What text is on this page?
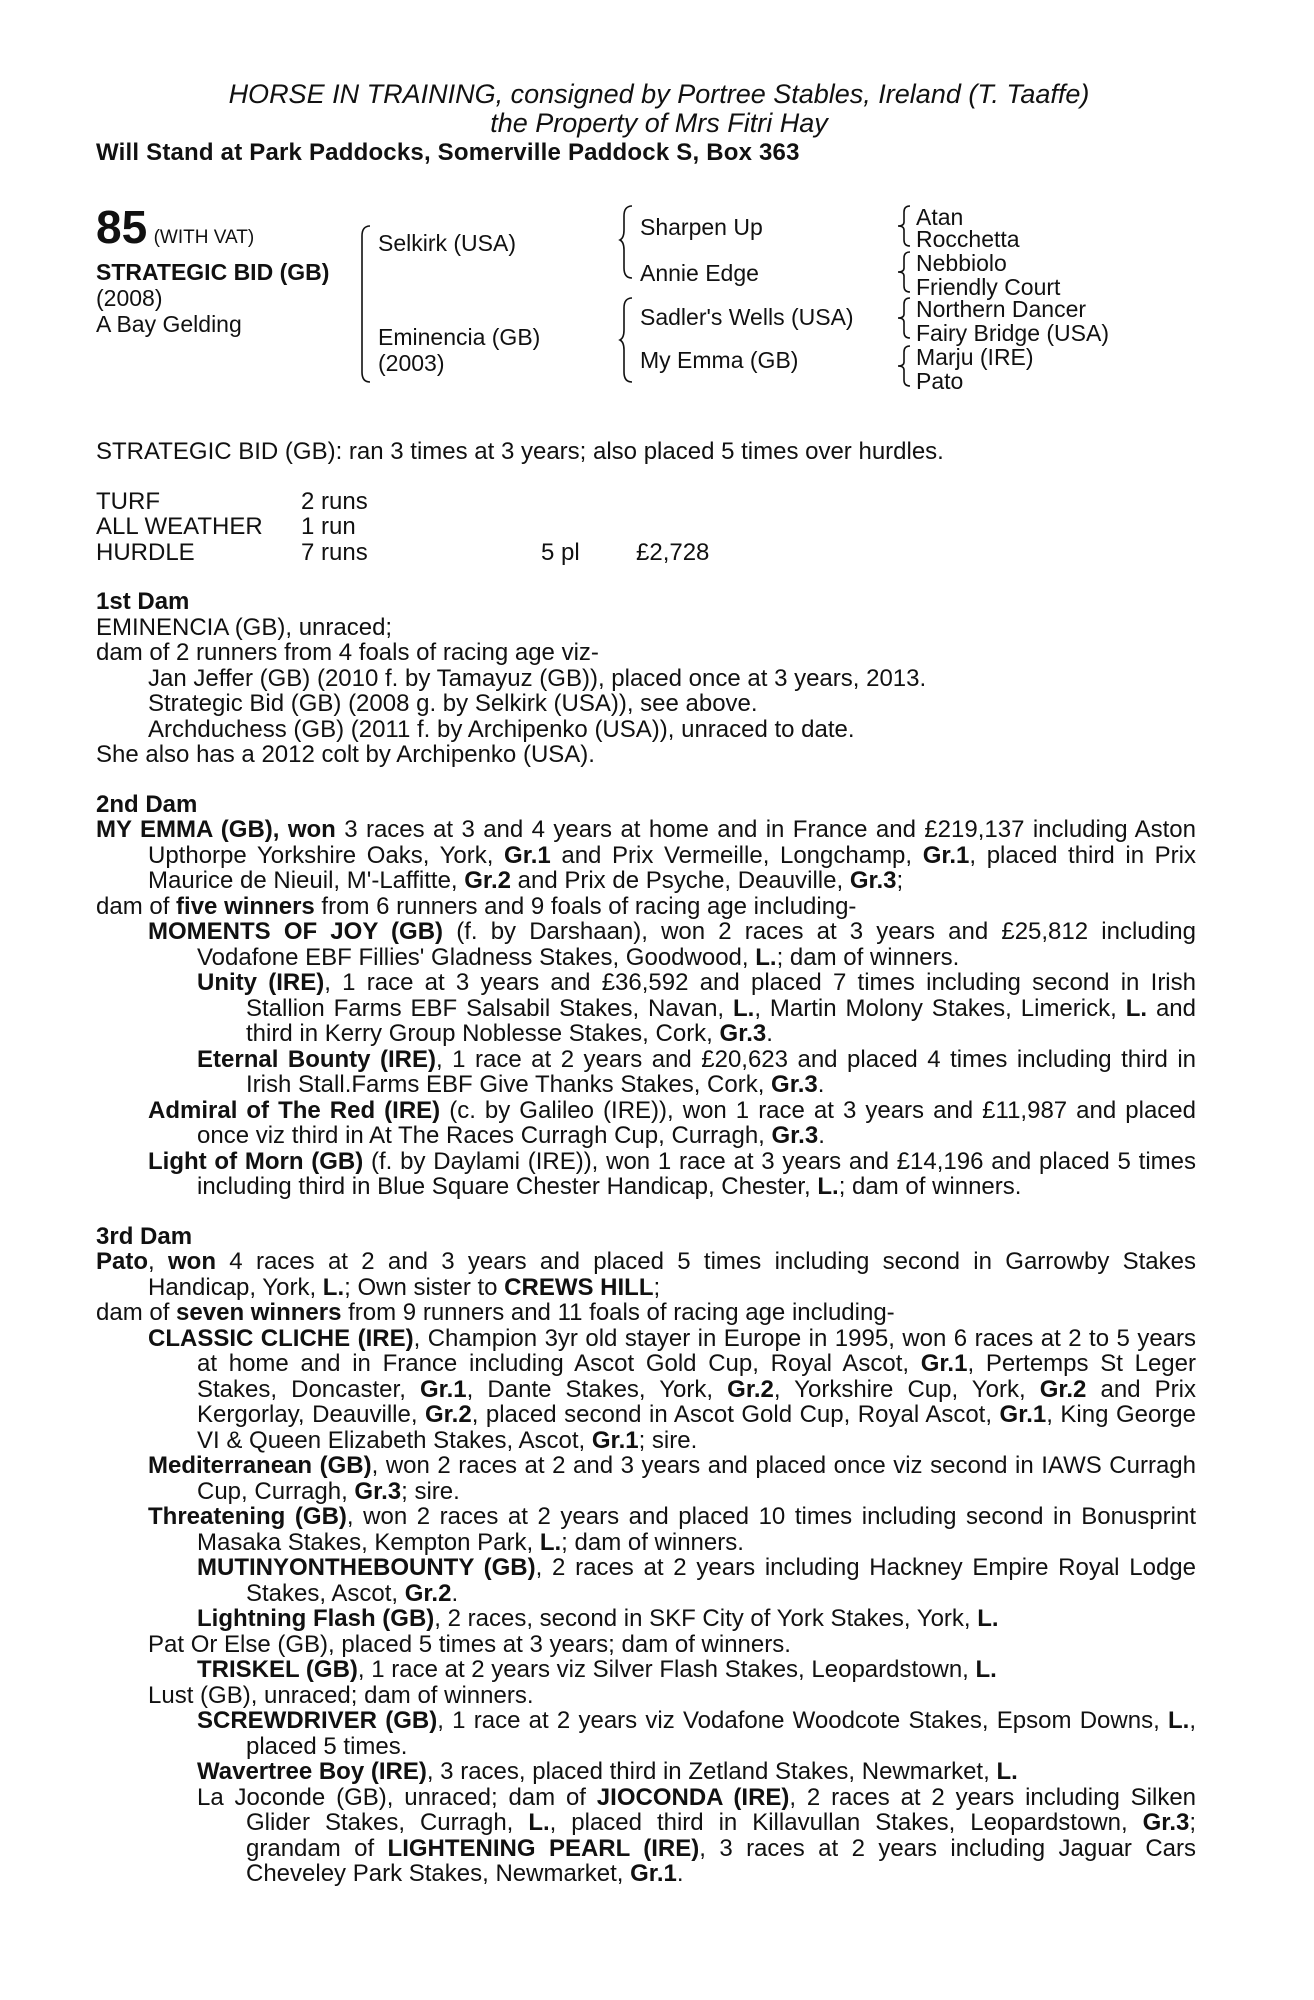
HORSE IN TRAINING, consigned by Portree Stables, Ireland (T. Taaffe)
the Property of Mrs Fitri Hay
Will Stand at Park Paddocks, Somerville Paddock S, Box 363
85 (WITH VAT)
STRATEGIC BID (GB)
(2008)
A Bay Gelding
Selkirk (USA)
Eminencia (GB)
(2003)
Sharpen Up
Annie Edge
Sadler's Wells (USA)
My Emma (GB)
Atan
Rocchetta
Nebbiolo
Friendly Court
Northern Dancer
Fairy Bridge (USA)
Marju (IRE)
Pato
STRATEGIC BID (GB): ran 3 times at 3 years; also placed 5 times over hurdles.
TURF	2 runs
ALL WEATHER	1 run
HURDLE	7 runs	5 pl	£2,728
1st Dam
EMINENCIA (GB), unraced;
dam of 2 runners from 4 foals of racing age viz-
Jan Jeffer (GB) (2010 f. by Tamayuz (GB)), placed once at 3 years, 2013.
Strategic Bid (GB) (2008 g. by Selkirk (USA)), see above.
Archduchess (GB) (2011 f. by Archipenko (USA)), unraced to date.
She also has a 2012 colt by Archipenko (USA).
2nd Dam
MY EMMA (GB), won 3 races at 3 and 4 years at home and in France and £219,137 including Aston Upthorpe Yorkshire Oaks, York, Gr.1 and Prix Vermeille, Longchamp, Gr.1, placed third in Prix Maurice de Nieuil, M'-Laffitte, Gr.2 and Prix de Psyche, Deauville, Gr.3;
dam of five winners from 6 runners and 9 foals of racing age including-
MOMENTS OF JOY (GB) (f. by Darshaan), won 2 races at 3 years and £25,812 including Vodafone EBF Fillies' Gladness Stakes, Goodwood, L.; dam of winners.
Unity (IRE), 1 race at 3 years and £36,592 and placed 7 times including second in Irish Stallion Farms EBF Salsabil Stakes, Navan, L., Martin Molony Stakes, Limerick, L. and third in Kerry Group Noblesse Stakes, Cork, Gr.3.
Eternal Bounty (IRE), 1 race at 2 years and £20,623 and placed 4 times including third in Irish Stall.Farms EBF Give Thanks Stakes, Cork, Gr.3.
Admiral of The Red (IRE) (c. by Galileo (IRE)), won 1 race at 3 years and £11,987 and placed once viz third in At The Races Curragh Cup, Curragh, Gr.3.
Light of Morn (GB) (f. by Daylami (IRE)), won 1 race at 3 years and £14,196 and placed 5 times including third in Blue Square Chester Handicap, Chester, L.; dam of winners.
3rd Dam
Pato, won 4 races at 2 and 3 years and placed 5 times including second in Garrowby Stakes Handicap, York, L.; Own sister to CREWS HILL;
dam of seven winners from 9 runners and 11 foals of racing age including-
CLASSIC CLICHE (IRE), Champion 3yr old stayer in Europe in 1995, won 6 races at 2 to 5 years at home and in France including Ascot Gold Cup, Royal Ascot, Gr.1, Pertemps St Leger Stakes, Doncaster, Gr.1, Dante Stakes, York, Gr.2, Yorkshire Cup, York, Gr.2 and Prix Kergorlay, Deauville, Gr.2, placed second in Ascot Gold Cup, Royal Ascot, Gr.1, King George VI & Queen Elizabeth Stakes, Ascot, Gr.1; sire.
Mediterranean (GB), won 2 races at 2 and 3 years and placed once viz second in IAWS Curragh Cup, Curragh, Gr.3; sire.
Threatening (GB), won 2 races at 2 years and placed 10 times including second in Bonusprint Masaka Stakes, Kempton Park, L.; dam of winners.
MUTINYONTHEBOUNTY (GB), 2 races at 2 years including Hackney Empire Royal Lodge Stakes, Ascot, Gr.2.
Lightning Flash (GB), 2 races, second in SKF City of York Stakes, York, L.
Pat Or Else (GB), placed 5 times at 3 years; dam of winners.
TRISKEL (GB), 1 race at 2 years viz Silver Flash Stakes, Leopardstown, L.
Lust (GB), unraced; dam of winners.
SCREWDRIVER (GB), 1 race at 2 years viz Vodafone Woodcote Stakes, Epsom Downs, L., placed 5 times.
Wavertree Boy (IRE), 3 races, placed third in Zetland Stakes, Newmarket, L.
La Joconde (GB), unraced; dam of JIOCONDA (IRE), 2 races at 2 years including Silken Glider Stakes, Curragh, L., placed third in Killavullan Stakes, Leopardstown, Gr.3; grandam of LIGHTENING PEARL (IRE), 3 races at 2 years including Jaguar Cars Cheveley Park Stakes, Newmarket, Gr.1.
